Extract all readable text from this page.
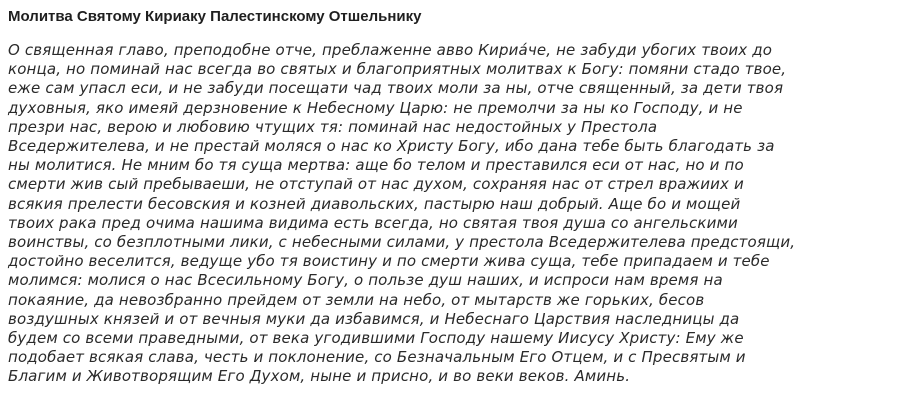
Молитва Святому Кириаку Палестинскому Отшельнику
О священная главо, преподобне отче, преблаженне авво Кириа́че, не забуди убогих твоих до
конца, но поминай нас всегда во святых и благоприятных молитвах к Богу: помяни стадо твое,
еже сам упасл еси, и не забуди посещати чад твоих моли за ны, отче священный, за дети твоя
духовныя, яко имеяй дерзновение к Небесному Царю: не премолчи за ны ко Господу, и не
презри нас, верою и любовию чтущих тя: поминай нас недостойных у Престола
Вседержителева, и не престай моляся о нас ко Христу Богу, ибо дана тебе быть благодать за
ны молитися. Не мним бо тя суща мертва: аще бо телом и преставился еси от нас, но и по
смерти жив сый пребываеши, не отступай от нас духом, сохраняя нас от стрел вражиих и
всякия прелести бесовския и козней диавольских, пастырю наш добрый. Аще бо и мощей
твоих рака пред очима нашима видима есть всегда, но святая твоя душа со ангельскими
воинствы, со безплотными лики, с небесными силами, у престола Вседержителева предстоящи,
достойно веселится, ведуще убо тя воистину и по смерти жива суща, тебе припадаем и тебе
молимся: молися о нас Всесильному Богу, о пользе душ наших, и испроси нам время на
покаяние, да невозбранно прейдем от земли на небо, от мытарств же горьких, бесов
воздушных князей и от вечныя муки да избавимся, и Небеснаго Царствия наследницы да
будем со всеми праведными, от века угодившими Господу нашему Иисусу Христу: Ему же
подобает всякая слава, честь и поклонение, со Безначальным Его Отцем, и с Пресвятым и
Благим и Животворящим Его Духом, ныне и присно, и во веки веков. Аминь.
